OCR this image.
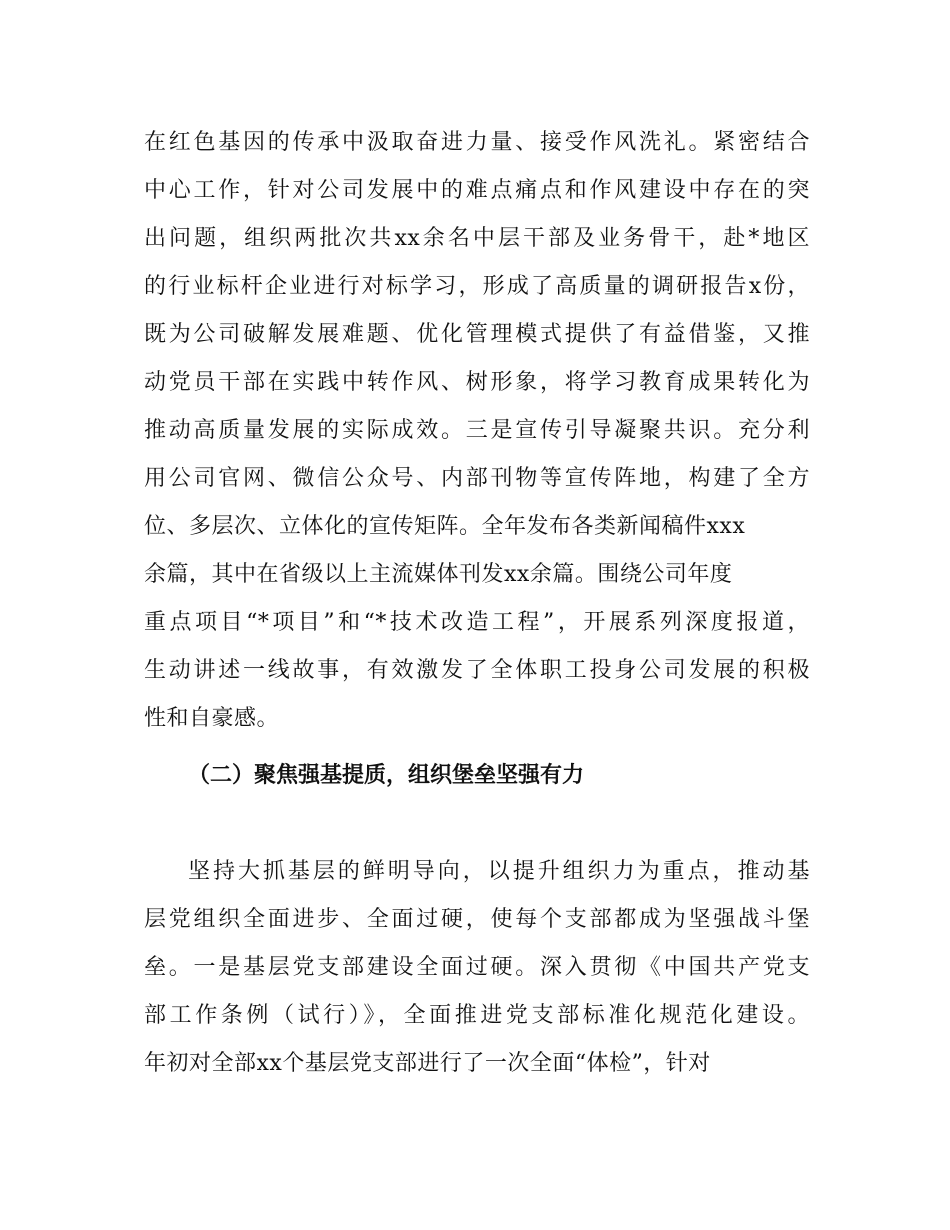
在红色基因的传承中汲取奋进力量、接受作风洗礼。紧密结合
中心工作，针对公司发展中的难点痛点和作风建设中存在的突
出问题，组织两批次共xx余名中层干部及业务骨干，赴*地区
的行业标杆企业进行对标学习，形成了高质量的调研报告x份，
既为公司破解发展难题、优化管理模式提供了有益借鉴，又推
动党员干部在实践中转作风、树形象，将学习教育成果转化为
推动高质量发展的实际成效。三是宣传引导凝聚共识。充分利
用公司官网、微信公众号、内部刊物等宣传阵地，构建了全方
位、多层次、立体化的宣传矩阵。全年发布各类新闻稿件xxx
余篇，其中在省级以上主流媒体刊发xx余篇。围绕公司年度
重点项目“*项目”和“*技术改造工程”，开展系列深度报道，
生动讲述一线故事，有效激发了全体职工投身公司发展的积极
性和自豪感。
（二）聚焦强基提质，组织堡垒坚强有力
坚持大抓基层的鲜明导向，以提升组织力为重点，推动基
层党组织全面进步、全面过硬，使每个支部都成为坚强战斗堡
垒。一是基层党支部建设全面过硬。深入贯彻《中国共产党支
部工作条例（试行）》，全面推进党支部标准化规范化建设。
年初对全部xx个基层党支部进行了一次全面“体检”，针对
